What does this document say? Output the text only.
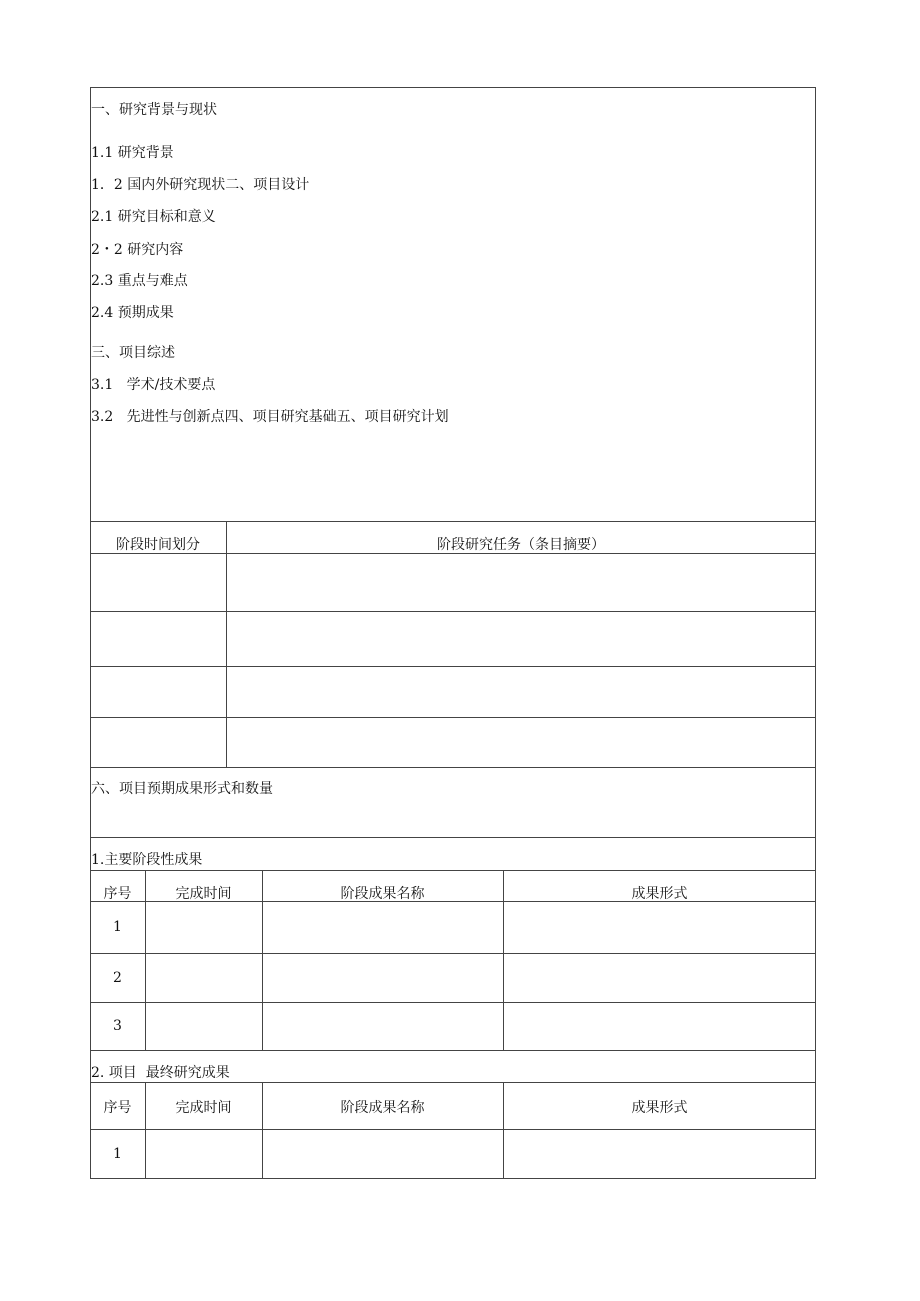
一、研究背景与现状
1.1 研究背景
1．2 国内外研究现状二、项目设计
2.1 研究目标和意义
2・2 研究内容
2.3 重点与难点
2.4 预期成果
三、项目综述
3.1   学术/技术要点
3.2   先进性与创新点四、项目研究基础五、项目研究计划
阶段时间划分	阶段研究任务（条目摘要）
六、项目预期成果形式和数量
1.主要阶段性成果
序号	完成时间	阶段成果名称	成果形式
1
2
3
2. 项目  最终研究成果
序号	完成时间	阶段成果名称	成果形式
1
